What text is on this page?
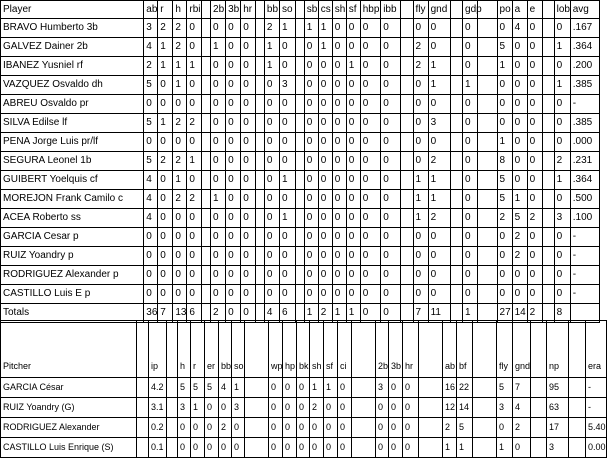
Player	ab	r	h	rbi		2b	3b	hr		bb	so		sb	cs	sh	sf	hbp	ibb		fly	gnd		gdp		po	a	e		lob	avg
BRAVO Humberto 3b	3	2	2	0		0	0	0		2	1		1	1	0	0	0	0		0	0		0		0	4	0		0	.167
GALVEZ Dainer 2b	4	1	2	0		1	0	0		1	0		0	1	0	0	0	0		2	0		0		5	0	0		1	.364
IBANEZ Yusniel rf	2	1	1	1		0	0	0		1	0		0	0	0	1	0	0		2	1		0		1	0	0		0	.200
VAZQUEZ Osvaldo dh	5	0	1	0		0	0	0		0	3		0	0	0	0	0	0		0	1		1		0	0	0		1	.385
ABREU Osvaldo pr	0	0	0	0		0	0	0		0	0		0	0	0	0	0	0		0	0		0		0	0	0		0	-
SILVA Edilse lf	5	1	2	2		0	0	0		0	0		0	0	0	0	0	0		0	3		0		0	0	0		0	.385
PENA Jorge Luis pr/lf	0	0	0	0		0	0	0		0	0		0	0	0	0	0	0		0	0		0		1	0	0		0	.000
SEGURA Leonel 1b	5	2	2	1		0	0	0		0	0		0	0	0	0	0	0		0	2		0		8	0	0		2	.231
GUIBERT Yoelquis cf	4	0	1	0		0	0	0		0	1		0	0	0	0	0	0		1	1		0		5	0	0		1	.364
MOREJON Frank Camilo c	4	0	2	2		1	0	0		0	0		0	0	0	0	0	0		1	1		0		5	1	0		0	.500
ACEA Roberto ss	4	0	0	0		0	0	0		0	1		0	0	0	0	0	0		1	2		0		2	5	2		3	.100
GARCIA Cesar p	0	0	0	0		0	0	0		0	0		0	0	0	0	0	0		0	0		0		0	2	0		0	-
RUIZ Yoandry p	0	0	0	0		0	0	0		0	0		0	0	0	0	0	0		0	0		0		0	2	0		0	-
RODRIGUEZ Alexander p	0	0	0	0		0	0	0		0	0		0	0	0	0	0	0		0	0		0		0	0	0		0	-
CASTILLO Luis E p	0	0	0	0		0	0	0		0	0		0	0	0	0	0	0		0	0		0		0	0	0		0	-
Totals	36	7	13	6		2	0	0		4	6		1	2	1	1	0	0		7	11		1		27	14	2		8	
Pitcher		ip		h	r	er	bb	so		wp	hp	bk	sh	sf	ci		2b	3b	hr		ab	bf		fly	gnd		np		era
GARCIA César		4.2		5	5	5	4	1		0	0	0	1	1	0		3	0	0		16	22		5	7		95		-
RUIZ Yoandry (G)		3.1		3	1	0	0	3		0	0	0	2	0	0		0	0	0		12	14		3	4		63		-
RODRIGUEZ Alexander		0.2		0	0	0	2	0		0	0	0	0	0	0		0	0	0		2	5		0	2		17		5.40
CASTILLO Luis Enrique (S)		0.1		0	0	0	0	0		0	0	0	0	0	0		0	0	0		1	1		1	0		3		0.00
